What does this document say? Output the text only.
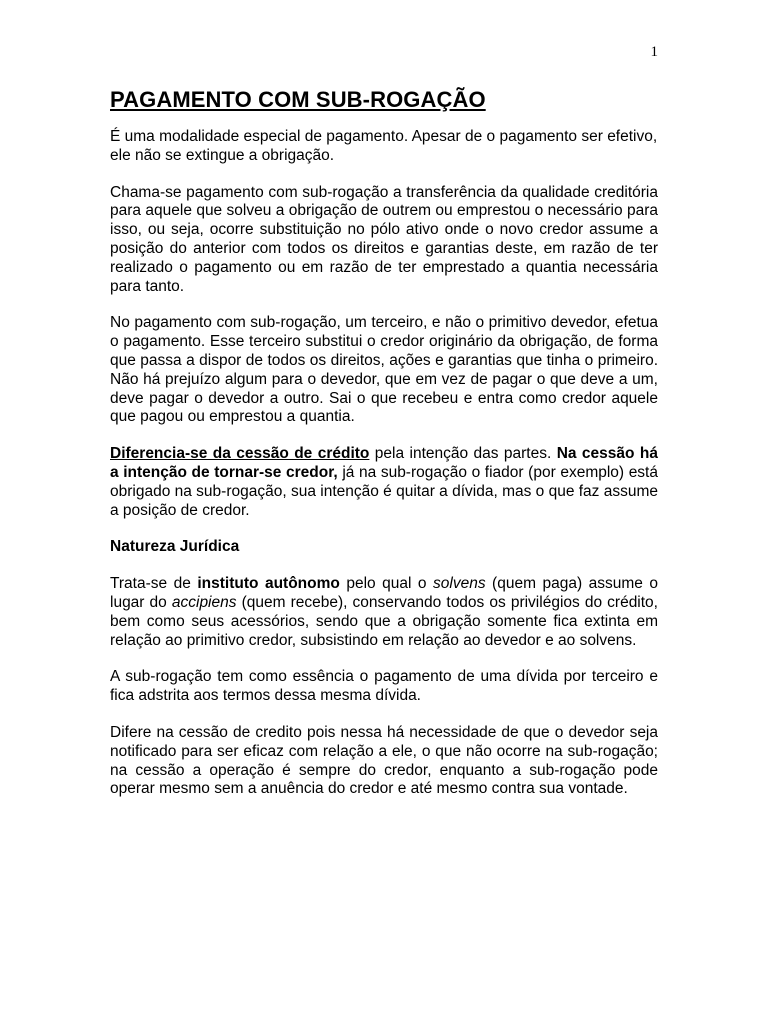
1
PAGAMENTO COM SUB-ROGAÇÃO

É uma modalidade especial de pagamento. Apesar de o pagamento ser efetivo, ele não se extingue a obrigação.

Chama-se pagamento com sub-rogação a transferência da qualidade creditória para aquele que solveu a obrigação de outrem ou emprestou o necessário para isso, ou seja, ocorre substituição no pólo ativo onde o novo credor assume a posição do anterior com todos os direitos e garantias deste, em razão de ter realizado o pagamento ou em razão de ter emprestado a quantia necessária para tanto.

No pagamento com sub-rogação, um terceiro, e não o primitivo devedor, efetua o pagamento. Esse terceiro substitui o credor originário da obrigação, de forma que passa a dispor de todos os direitos, ações e garantias que tinha o primeiro. Não há prejuízo algum para o devedor, que em vez de pagar o que deve a um, deve pagar o devedor a outro. Sai o que recebeu e entra como credor aquele que pagou ou emprestou a quantia.

Diferencia-se da cessão de crédito pela intenção das partes. Na cessão há a intenção de tornar-se credor, já na sub-rogação o fiador (por exemplo) está obrigado na sub-rogação, sua intenção é quitar a dívida, mas o que faz assume a posição de credor.

Natureza Jurídica

Trata-se de instituto autônomo pelo qual o solvens (quem paga) assume o lugar do accipiens (quem recebe), conservando todos os privilégios do crédito, bem como seus acessórios, sendo que a obrigação somente fica extinta em relação ao primitivo credor, subsistindo em relação ao devedor e ao solvens.

A sub-rogação tem como essência o pagamento de uma dívida por terceiro e fica adstrita aos termos dessa mesma dívida.

Difere na cessão de credito pois nessa há necessidade de que o devedor seja notificado para ser eficaz com relação a ele, o que não ocorre na sub-rogação; na cessão a operação é sempre do credor, enquanto a sub-rogação pode operar mesmo sem a anuência do credor e até mesmo contra sua vontade.
